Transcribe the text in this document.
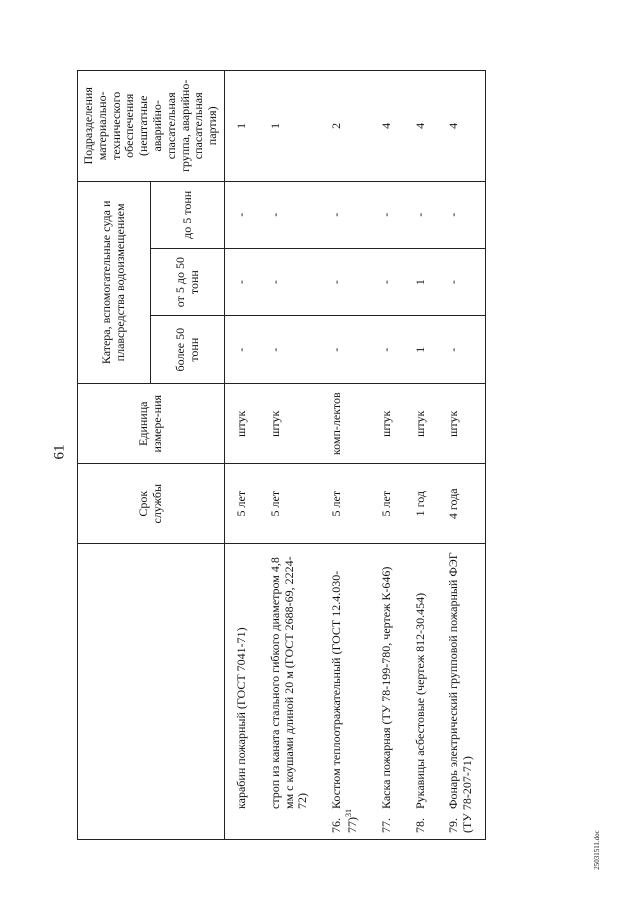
61
25031511.doc
	Срок службы	Единица измере-ния	Катера, вспомогательные суда и плавсредства водоизмещением			Подразделения материально-технического обеспечения (нештатные аварийно-спасательная группа, аварийно-спасательная партия)
			более 50 тонн	от 5 до 50 тонн	до 5 тонн	
карабин пожарный (ГОСТ 7041-71)	5 лет	штук	-	-	-	1
строп из каната стального гибкого диаметром 4,8 мм с коушами длиной 20 м (ГОСТ 2688-69, 2224-72)	5 лет	штук	-	-	-	1
76.Костюм теплоотражательный (ГОСТ 12.4.030-77)$^{31}$	5 лет	комп-лектов	-	-	-	2
77.Каска пожарная (ТУ 78-199-780, чертеж К-646)	5 лет	штук	-	-	-	4
78.Рукавицы асбестовые (чертеж 812-30.454)	1 год	штук	1	1	-	4
79.Фонарь электрический групповой пожарный ФЭГ (ТУ 78-207-71)	4 года	штук	-	-	-	4
